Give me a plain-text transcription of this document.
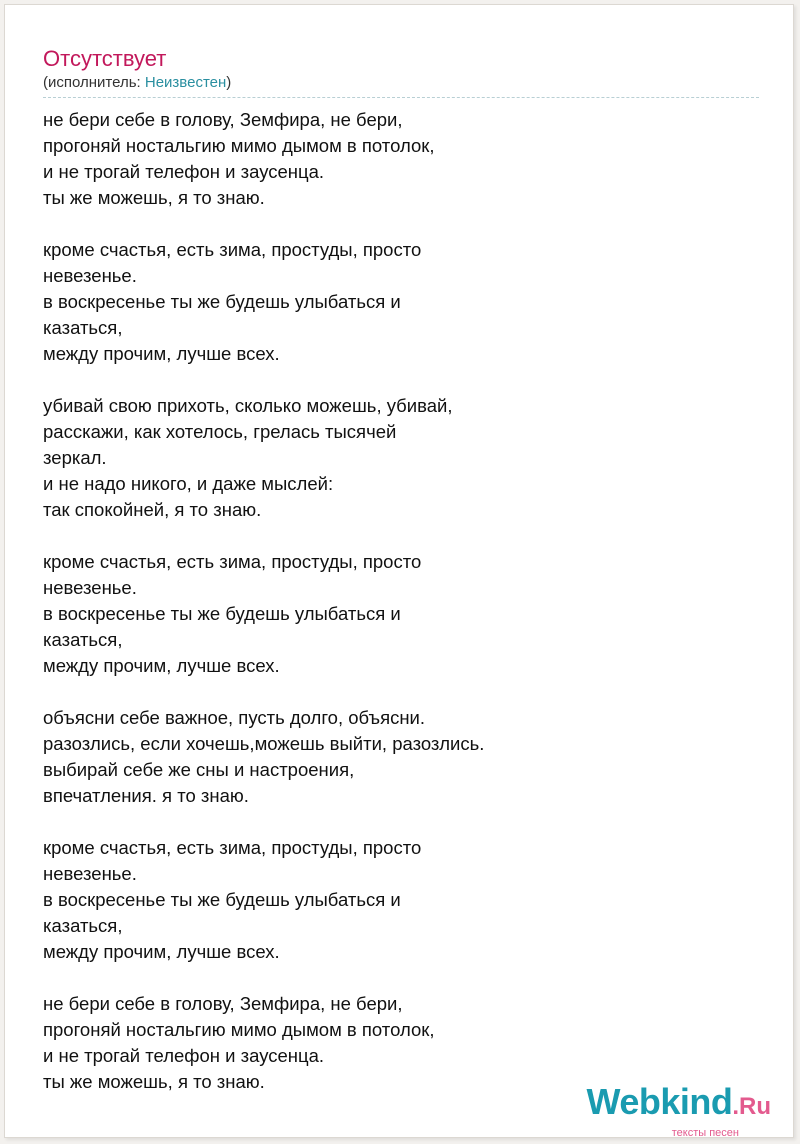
Отсутствует

(исполнитель: Неизвестен)

не бери себе в голову, Земфира, не бери,
прогоняй ностальгию мимо дымом в потолок,
и не трогай телефон и заусенца.
ты же можешь, я то знаю.

кроме счастья, есть зима, простуды, просто
невезенье.
в воскресенье ты же будешь улыбаться и
казаться,
между прочим, лучше всех.

убивай свою прихоть, сколько можешь, убивай,
расскажи, как хотелось, грелась тысячей
зеркал.
и не надо никого, и даже мыслей:
так спокойней, я то знаю.

кроме счастья, есть зима, простуды, просто
невезенье.
в воскресенье ты же будешь улыбаться и
казаться,
между прочим, лучше всех.

объясни себе важное, пусть долго, объясни.
разозлись, если хочешь,можешь выйти, разозлись.
выбирай себе же сны и настроения,
впечатления. я то знаю.

кроме счастья, есть зима, простуды, просто
невезенье.
в воскресенье ты же будешь улыбаться и
казаться,
между прочим, лучше всех.

не бери себе в голову, Земфира, не бери,
прогоняй ностальгию мимо дымом в потолок,
и не трогай телефон и заусенца.
ты же можешь, я то знаю.	Webkind.Ru
тексты песен
